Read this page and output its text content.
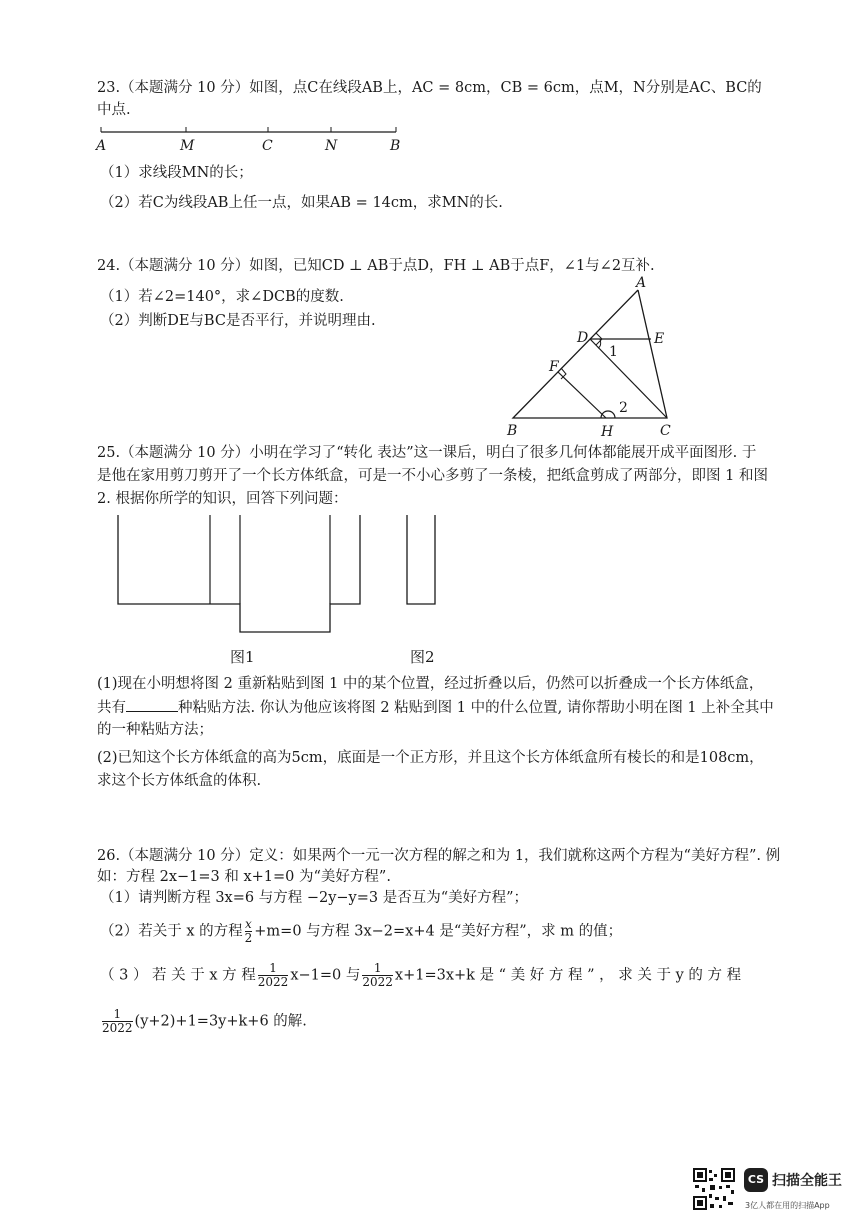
23.（本题满分 10 分）如图，点C在线段AB上，AC = 8cm，CB = 6cm，点M，N分别是AC、BC的
中点.
A	M	C	N	B
（1）求线段MN的长；
（2）若C为线段AB上任一点，如果AB = 14cm，求MN的长.
24.（本题满分 10 分）如图，已知CD ⊥ AB于点D，FH ⊥ AB于点F，∠1与∠2互补.
（1）若∠2=140°，求∠DCB的度数.
（2）判断DE与BC是否平行，并说明理由.
A
D	E
1
F
2
B	H	C
25.（本题满分 10 分）小明在学习了“转化 表达”这一课后，明白了很多几何体都能展开成平面图形. 于
是他在家用剪刀剪开了一个长方体纸盒，可是一不小心多剪了一条棱，把纸盒剪成了两部分，即图 1 和图
2. 根据你所学的知识，回答下列问题：
图1	图2
(1)现在小明想将图 2 重新粘贴到图 1 中的某个位置，经过折叠以后，仍然可以折叠成一个长方体纸盒，
共有	种粘贴方法. 你认为他应该将图 2 粘贴到图 1 中的什么位置, 请你帮助小明在图 1 上补全其中
的一种粘贴方法；
(2)已知这个长方体纸盒的高为5cm，底面是一个正方形，并且这个长方体纸盒所有棱长的和是108cm，
求这个长方体纸盒的体积.
26.（本题满分 10 分）定义：如果两个一元一次方程的解之和为 1，我们就称这两个方程为“美好方程”. 例
如：方程 2x−1=3 和 x+1=0 为“美好方程”.
（1）请判断方程 3x=6 与方程 −2y−y=3 是否互为“美好方程”；
（2）若关于 x 的方程 $\frac{x}{2} +m=0$ 与方程 3x−2=x+4 是“美好方程”，求 m 的值；
（ 3 ） 若 关 于 x 方 程 $\frac{1}{2022} x-1=0$ 与 $\frac{1}{2022} x+1=3x+k$ 是 “ 美 好 方 程 ” ， 求 关 于 y 的 方 程
$\frac{1}{2022} (y+2)+1=3y+k+6$ 的解.
CS 扫描全能王
3亿人都在用的扫描App
